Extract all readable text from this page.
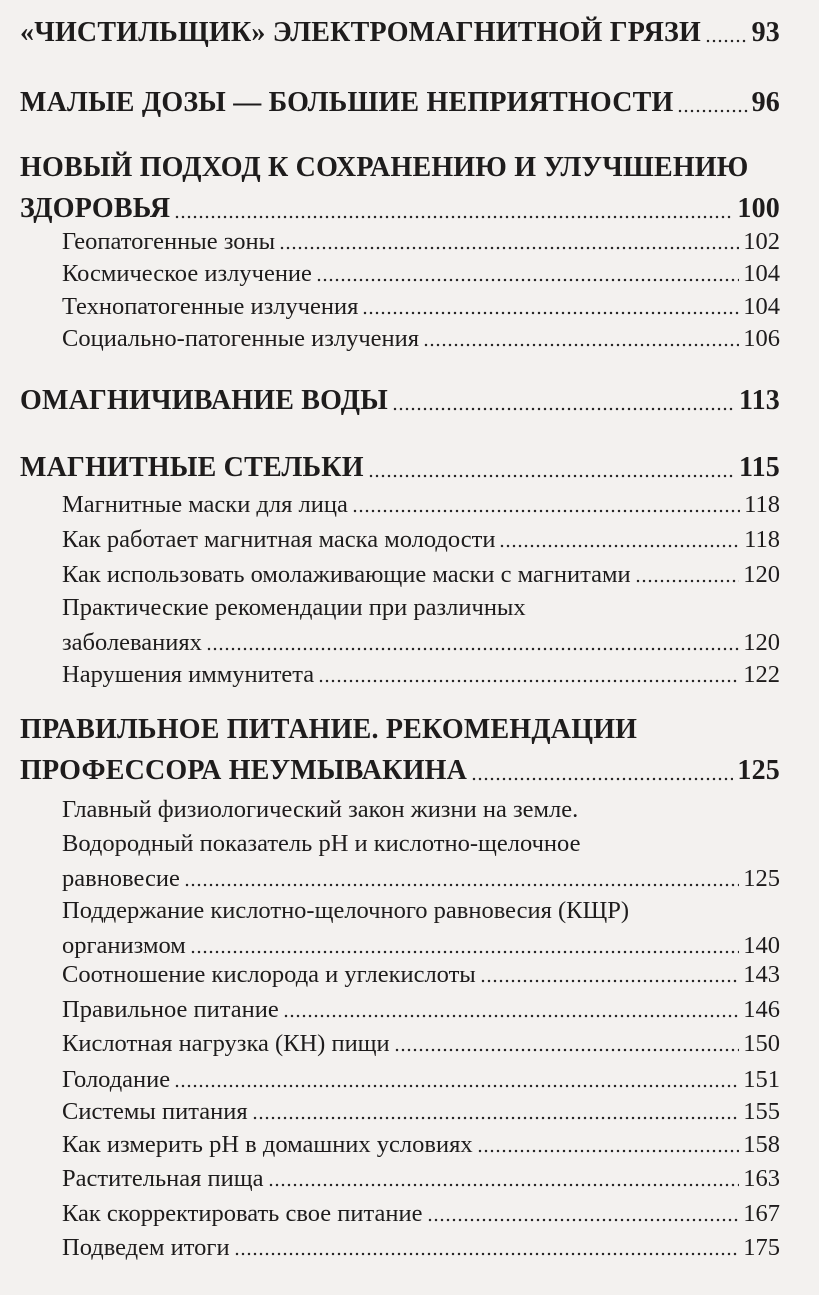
«ЧИСТИЛЬЩИК» ЭЛЕКТРОМАГНИТНОЙ ГРЯЗИ 93
МАЛЫЕ ДОЗЫ — БОЛЬШИЕ НЕПРИЯТНОСТИ	96
НОВЫЙ ПОДХОД К СОХРАНЕНИЮ И УЛУЧШЕНИЮ
ЗДОРОВЬЯ	100
Геопатогенные зоны	102
Космическое излучение	104
Технопатогенные излучения	104
Социально-патогенные излучения	106
ОМАГНИЧИВАНИЕ ВОДЫ	113
МАГНИТНЫЕ СТЕЛЬКИ	115
Магнитные маски для лица	118
Как работает магнитная маска молодости	118
Как использовать омолаживающие маски с магнитами	120
Практические рекомендации при различных
заболеваниях	120
Нарушения иммунитета	122
ПРАВИЛЬНОЕ ПИТАНИЕ. РЕКОМЕНДАЦИИ
ПРОФЕССОРА НЕУМЫВАКИНА	125
Главный физиологический закон жизни на земле.
Водородный показатель pH и кислотно-щелочное
равновесие	125
Поддержание кислотно-щелочного равновесия (КЩР)
организмом	140
Соотношение кислорода и углекислоты	143
Правильное питание	146
Кислотная нагрузка (КН) пищи	150
Голодание	151
Системы питания	155
Как измерить pH в домашних условиях	158
Растительная пища	163
Как скорректировать свое питание	167
Подведем итоги	175
